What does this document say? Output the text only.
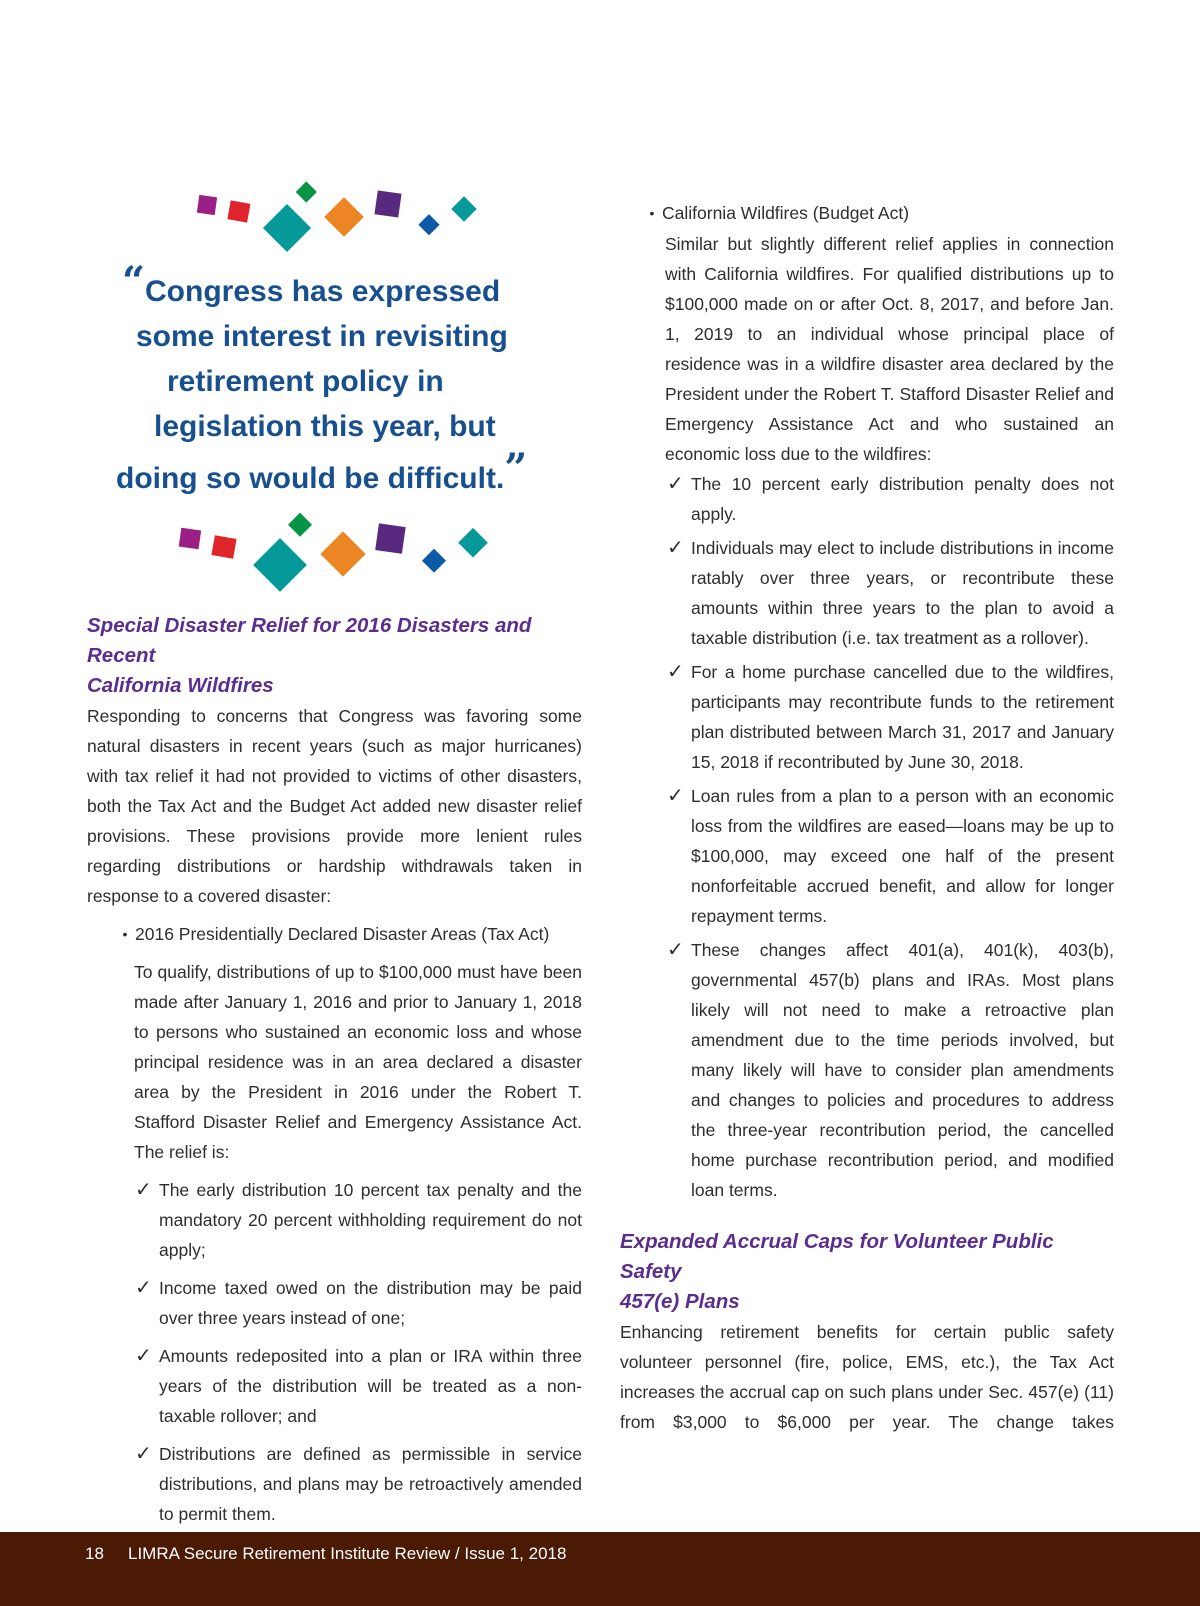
“Congress has expressed
some interest in revisiting
retirement policy in
legislation this year, but
doing so would be difficult.”
Special Disaster Relief for 2016 Disasters and Recent
California Wildfires

Responding to concerns that Congress was favoring some natural disasters in recent years (such as major hurricanes) with tax relief it had not provided to victims of other disasters, both the Tax Act and the Budget Act added new disaster relief provisions. These provisions provide more lenient rules regarding distributions or hardship withdrawals taken in response to a covered disaster:

• 2016 Presidentially Declared Disaster Areas (Tax Act)

To qualify, distributions of up to $100,000 must have been made after January 1, 2016 and prior to January 1, 2018 to persons who sustained an economic loss and whose principal residence was in an area declared a disaster area by the President in 2016 under the Robert T. Stafford Disaster Relief and Emergency Assistance Act. The relief is:

✓ The early distribution 10 percent tax penalty and the mandatory 20 percent withholding requirement do not apply;

✓ Income taxed owed on the distribution may be paid over three years instead of one;

✓ Amounts redeposited into a plan or IRA within three years of the distribution will be treated as a non-taxable rollover; and

✓ Distributions are defined as permissible in service distributions, and plans may be retroactively amended to permit them.

• California Wildfires (Budget Act)

Similar but slightly different relief applies in connection with California wildfires. For qualified distributions up to $100,000 made on or after Oct. 8, 2017, and before Jan. 1, 2019 to an individual whose principal place of residence was in a wildfire disaster area declared by the President under the Robert T. Stafford Disaster Relief and Emergency Assistance Act and who sustained an economic loss due to the wildfires:

✓ The 10 percent early distribution penalty does not apply.

✓ Individuals may elect to include distributions in income ratably over three years, or recontribute these amounts within three years to the plan to avoid a taxable distribution (i.e. tax treatment as a rollover).

✓ For a home purchase cancelled due to the wildfires, participants may recontribute funds to the retirement plan distributed between March 31, 2017 and January 15, 2018 if recontributed by June 30, 2018.

✓ Loan rules from a plan to a person with an economic loss from the wildfires are eased—loans may be up to $100,000, may exceed one half of the present nonforfeitable accrued benefit, and allow for longer repayment terms.

✓ These changes affect 401(a), 401(k), 403(b), governmental 457(b) plans and IRAs. Most plans likely will not need to make a retroactive plan amendment due to the time periods involved, but many likely will have to consider plan amendments and changes to policies and procedures to address the three-year recontribution period, the cancelled home purchase recontribution period, and modified loan terms.

Expanded Accrual Caps for Volunteer Public Safety
457(e) Plans

Enhancing retirement benefits for certain public safety volunteer personnel (fire, police, EMS, etc.), the Tax Act increases the accrual cap on such plans under Sec. 457(e) (11) from $3,000 to $6,000 per year. The change takes

18 LIMRA Secure Retirement Institute Review / Issue 1, 2018
